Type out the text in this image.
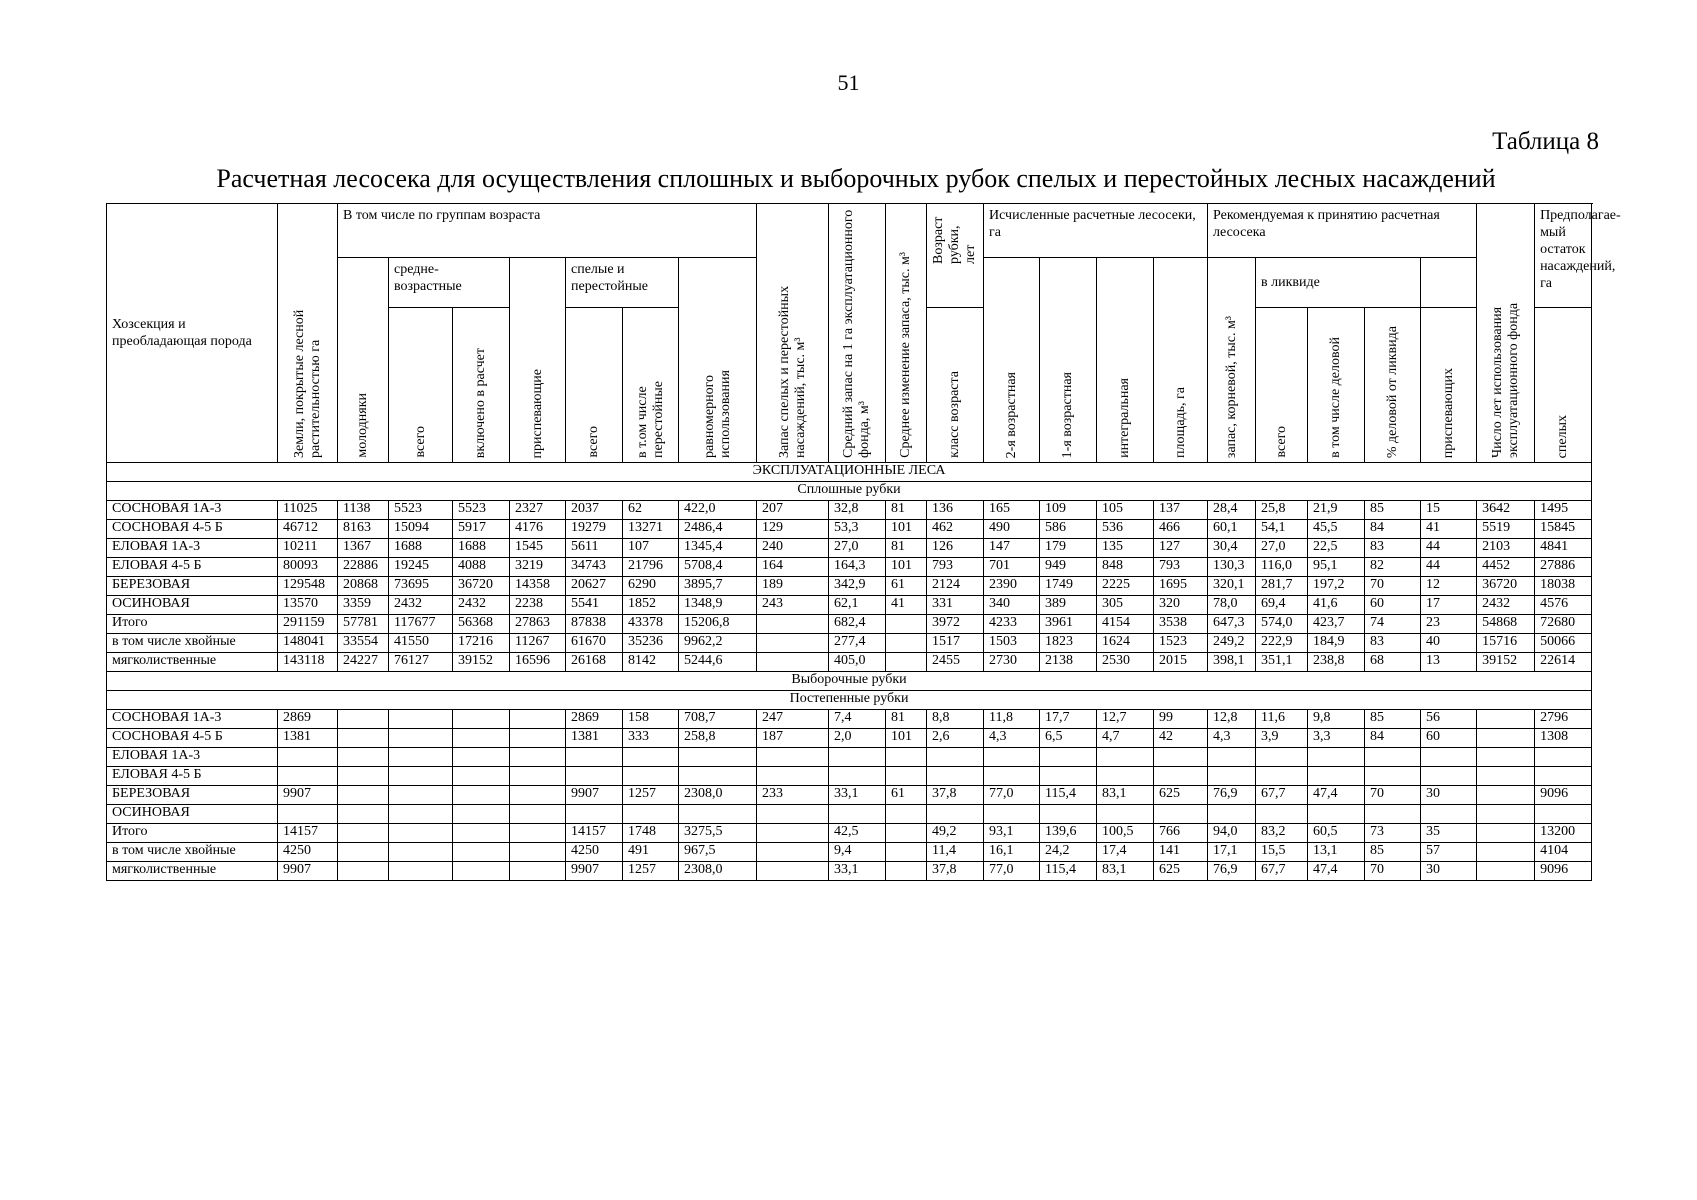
51
Таблица 8
Расчетная лесосека для осуществления сплошных и выборочных рубок спелых и перестойных лесных насаждений
Хозсекция и преобладающая порода	Земли, покрытые лесной растительностью га	В том числе по группам возраста							Запас спелых и перестойных насаждений, тыс. м³	Средний запас на 1 га эксплуатационного фонда, м³	Среднее изменение запаса, тыс. м³	Возраст рубки, лет	Исчисленные расчетные лесосеки, га				Рекомендуемая к принятию расчетная лесосека					Число лет использования эксплуатационного фонда	Предполагае-мый остаток насаждений, га

		молодняки	средне-возрастные		приспевающие	спелые и перестойные		равномерного использования					2-я возрастная	1-я возрастная	интегральная	площадь, га	запас, корневой, тыс. м³	в ликвиде					

			всего	включено в расчет		всего	в т.ом числе перестойные					класс возраста						всего	в том числе деловой	% деловой от ликвида	приспевающих		спелых

ЭКСПЛУАТАЦИОННЫЕ ЛЕСА																							
Сплошные рубки																							
СОСНОВАЯ 1А-3	11025	1138	5523	5523	2327	2037	62	422,0	207	32,8	81	136	165	109	105	137	28,4	25,8	21,9	85	15	3642	1495
СОСНОВАЯ 4-5 Б	46712	8163	15094	5917	4176	19279	13271	2486,4	129	53,3	101	462	490	586	536	466	60,1	54,1	45,5	84	41	5519	15845
ЕЛОВАЯ 1А-3	10211	1367	1688	1688	1545	5611	107	1345,4	240	27,0	81	126	147	179	135	127	30,4	27,0	22,5	83	44	2103	4841
ЕЛОВАЯ 4-5 Б	80093	22886	19245	4088	3219	34743	21796	5708,4	164	164,3	101	793	701	949	848	793	130,3	116,0	95,1	82	44	4452	27886
БЕРЕЗОВАЯ	129548	20868	73695	36720	14358	20627	6290	3895,7	189	342,9	61	2124	2390	1749	2225	1695	320,1	281,7	197,2	70	12	36720	18038
ОСИНОВАЯ	13570	3359	2432	2432	2238	5541	1852	1348,9	243	62,1	41	331	340	389	305	320	78,0	69,4	41,6	60	17	2432	4576
Итого	291159	57781	117677	56368	27863	87838	43378	15206,8		682,4		3972	4233	3961	4154	3538	647,3	574,0	423,7	74	23	54868	72680
в том числе хвойные	148041	33554	41550	17216	11267	61670	35236	9962,2		277,4		1517	1503	1823	1624	1523	249,2	222,9	184,9	83	40	15716	50066
мягколиственные	143118	24227	76127	39152	16596	26168	8142	5244,6		405,0		2455	2730	2138	2530	2015	398,1	351,1	238,8	68	13	39152	22614
Выборочные рубки																							
Постепенные рубки																							
СОСНОВАЯ 1А-3	2869					2869	158	708,7	247	7,4	81	8,8	11,8	17,7	12,7	99	12,8	11,6	9,8	85	56		2796
СОСНОВАЯ 4-5 Б	1381					1381	333	258,8	187	2,0	101	2,6	4,3	6,5	4,7	42	4,3	3,9	3,3	84	60		1308
ЕЛОВАЯ 1А-3																							
ЕЛОВАЯ 4-5 Б																							
БЕРЕЗОВАЯ	9907					9907	1257	2308,0	233	33,1	61	37,8	77,0	115,4	83,1	625	76,9	67,7	47,4	70	30		9096
ОСИНОВАЯ																							
Итого	14157					14157	1748	3275,5		42,5		49,2	93,1	139,6	100,5	766	94,0	83,2	60,5	73	35		13200
в том числе хвойные	4250					4250	491	967,5		9,4		11,4	16,1	24,2	17,4	141	17,1	15,5	13,1	85	57		4104
мягколиственные	9907					9907	1257	2308,0		33,1		37,8	77,0	115,4	83,1	625	76,9	67,7	47,4	70	30		9096
